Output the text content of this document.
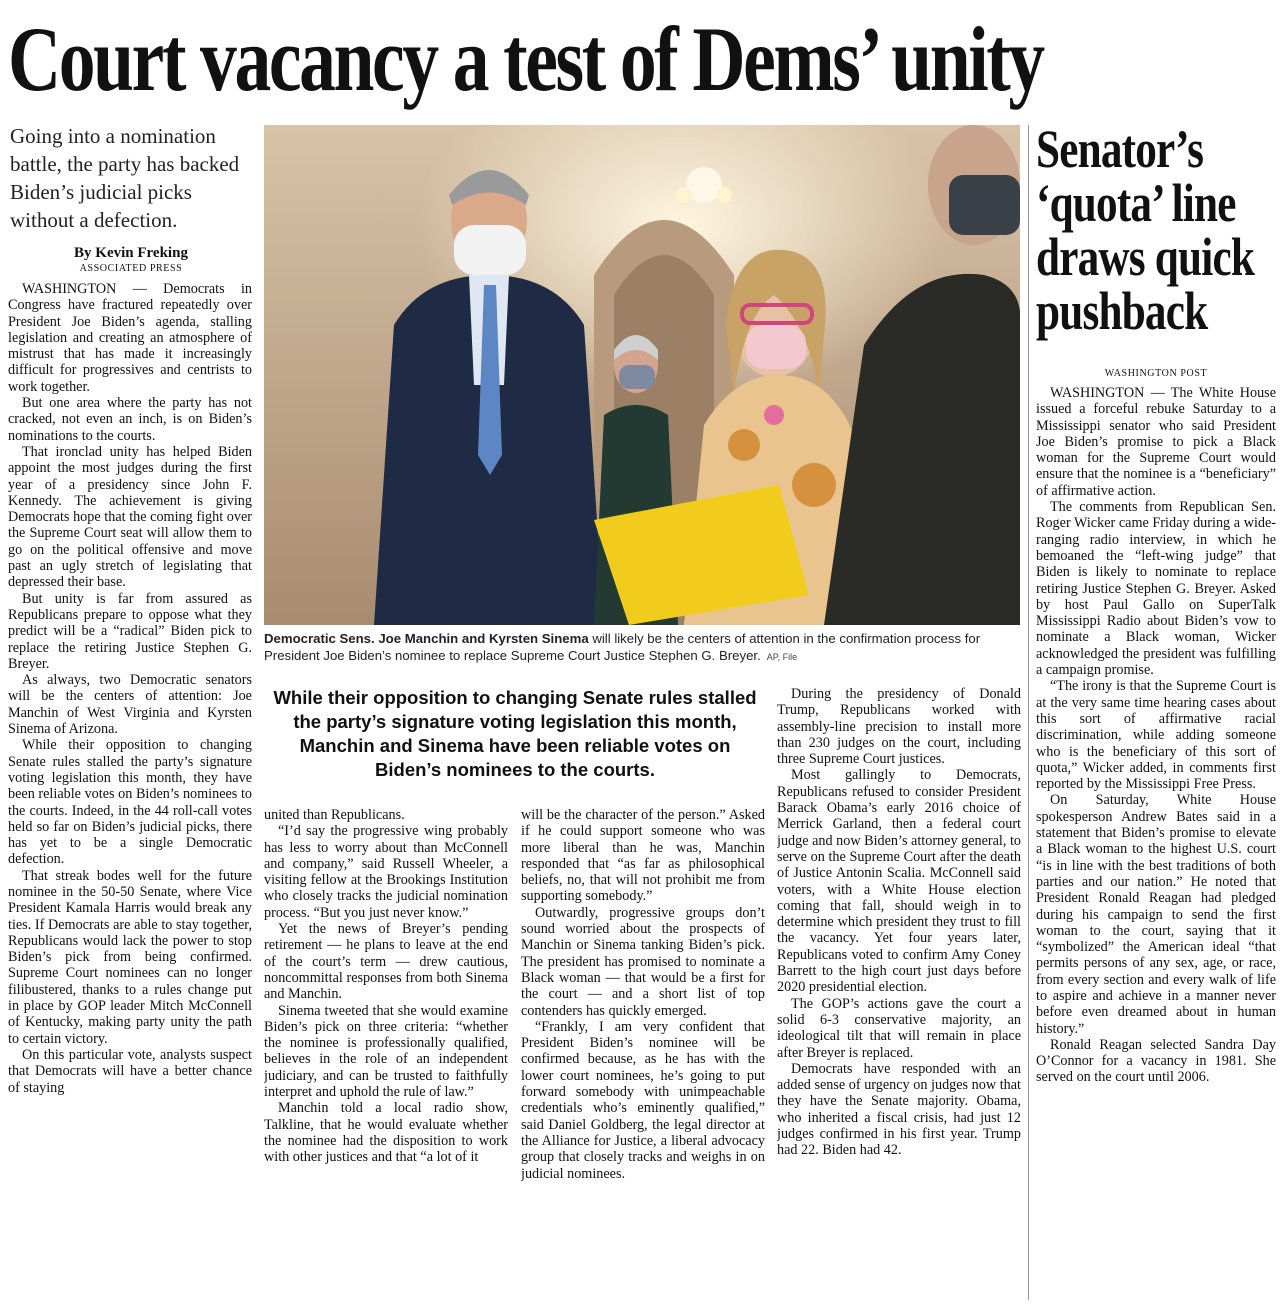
Court vacancy a test of Dems’ unity
Going into a nomination battle, the party has backed Biden’s judicial picks without a defection.
By Kevin Freking
ASSOCIATED PRESS

WASHINGTON — Democrats in Congress have fractured repeatedly over President Joe Biden’s agenda, stalling legislation and creating an atmosphere of mistrust that has made it increasingly difficult for progressives and centrists to work together.

But one area where the party has not cracked, not even an inch, is on Biden’s nominations to the courts.

That ironclad unity has helped Biden appoint the most judges during the first year of a presidency since John F. Kennedy. The achievement is giving Democrats hope that the coming fight over the Supreme Court seat will allow them to go on the political offensive and move past an ugly stretch of legislating that depressed their base.

But unity is far from assured as Republicans prepare to oppose what they predict will be a “radical” Biden pick to replace the retiring Justice Stephen G. Breyer.

As always, two Democratic senators will be the centers of attention: Joe Manchin of West Virginia and Kyrsten Sinema of Arizona.

While their opposition to changing Senate rules stalled the party’s signature voting legislation this month, they have been reliable votes on Biden’s nominees to the courts. Indeed, in the 44 roll-call votes held so far on Biden’s judicial picks, there has yet to be a single Democratic defection.

That streak bodes well for the future nominee in the 50-50 Senate, where Vice President Kamala Harris would break any ties. If Democrats are able to stay together, Republicans would lack the power to stop Biden’s pick from being confirmed. Supreme Court nominees can no longer filibustered, thanks to a rules change put in place by GOP leader Mitch McConnell of Kentucky, making party unity the path to certain victory.

On this particular vote, analysts suspect that Democrats will have a better chance of staying

Democratic Sens. Joe Manchin and Kyrsten Sinema will likely be the centers of attention in the confirmation process for President Joe Biden’s nominee to replace Supreme Court Justice Stephen G. Breyer. AP, File
While their opposition to changing Senate rules stalled the party’s signature voting legislation this month, Manchin and Sinema have been reliable votes on Biden’s nominees to the courts.

united than Republicans.

“I’d say the progressive wing probably has less to worry about than McConnell and company,” said Russell Wheeler, a visiting fellow at the Brookings Institution who closely tracks the judicial nomination process. “But you just never know.”

Yet the news of Breyer’s pending retirement — he plans to leave at the end of the court’s term — drew cautious, noncommittal responses from both Sinema and Manchin.

Sinema tweeted that she would examine Biden’s pick on three criteria: “whether the nominee is professionally qualified, believes in the role of an independent judiciary, and can be trusted to faithfully interpret and uphold the rule of law.”

Manchin told a local radio show, Talkline, that he would evaluate whether the nominee had the disposition to work with other justices and that “a lot of it

will be the character of the person.” Asked if he could support someone who was more liberal than he was, Manchin responded that “as far as philosophical beliefs, no, that will not prohibit me from supporting somebody.”

Outwardly, progressive groups don’t sound worried about the prospects of Manchin or Sinema tanking Biden’s pick. The president has promised to nominate a Black woman — that would be a first for the court — and a short list of top contenders has quickly emerged.

“Frankly, I am very confident that President Biden’s nominee will be confirmed because, as he has with the lower court nominees, he’s going to put forward somebody with unimpeachable credentials who’s eminently qualified,” said Daniel Goldberg, the legal director at the Alliance for Justice, a liberal advocacy group that closely tracks and weighs in on judicial nominees.

During the presidency of Donald Trump, Republicans worked with assembly-line precision to install more than 230 judges on the court, including three Supreme Court justices.

Most gallingly to Democrats, Republicans refused to consider President Barack Obama’s early 2016 choice of Merrick Garland, then a federal court judge and now Biden’s attorney general, to serve on the Supreme Court after the death of Justice Antonin Scalia. McConnell said voters, with a White House election coming that fall, should weigh in to determine which president they trust to fill the vacancy. Yet four years later, Republicans voted to confirm Amy Coney Barrett to the high court just days before 2020 presidential election.

The GOP’s actions gave the court a solid 6-3 conservative majority, an ideological tilt that will remain in place after Breyer is replaced.

Democrats have responded with an added sense of urgency on judges now that they have the Senate majority. Obama, who inherited a fiscal crisis, had just 12 judges confirmed in his first year. Trump had 22. Biden had 42.

Senator’s ‘quota’ line draws quick pushback
WASHINGTON POST

WASHINGTON — The White House issued a forceful rebuke Saturday to a Mississippi senator who said President Joe Biden’s promise to pick a Black woman for the Supreme Court would ensure that the nominee is a “beneficiary” of affirmative action.

The comments from Republican Sen. Roger Wicker came Friday during a wide-ranging radio interview, in which he bemoaned the “left-wing judge” that Biden is likely to nominate to replace retiring Justice Stephen G. Breyer. Asked by host Paul Gallo on SuperTalk Mississippi Radio about Biden’s vow to nominate a Black woman, Wicker acknowledged the president was fulfilling a campaign promise.

“The irony is that the Supreme Court is at the very same time hearing cases about this sort of affirmative racial discrimination, while adding someone who is the beneficiary of this sort of quota,” Wicker added, in comments first reported by the Mississippi Free Press.

On Saturday, White House spokesperson Andrew Bates said in a statement that Biden’s promise to elevate a Black woman to the highest U.S. court “is in line with the best traditions of both parties and our nation.” He noted that President Ronald Reagan had pledged during his campaign to send the first woman to the court, saying that it “symbolized” the American ideal “that permits persons of any sex, age, or race, from every section and every walk of life to aspire and achieve in a manner never before even dreamed about in human history.”

Ronald Reagan selected Sandra Day O’Connor for a vacancy in 1981. She served on the court until 2006.
